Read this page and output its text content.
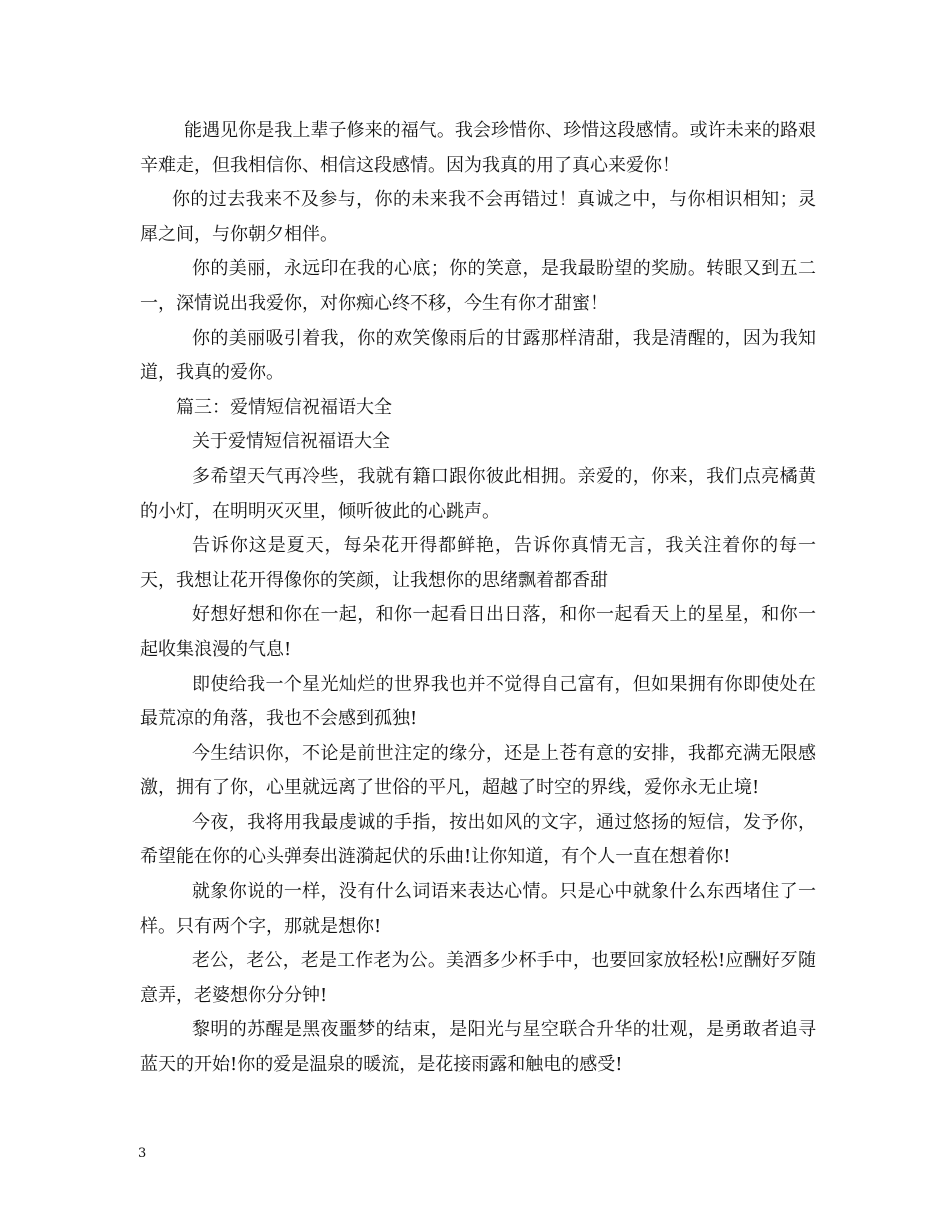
能遇见你是我上辈子修来的福气。我会珍惜你、珍惜这段感情。或许未来的路艰辛难走，但我相信你、相信这段感情。因为我真的用了真心来爱你！

你的过去我来不及参与，你的未来我不会再错过！真诚之中，与你相识相知；灵犀之间，与你朝夕相伴。

你的美丽，永远印在我的心底；你的笑意，是我最盼望的奖励。转眼又到五二一，深情说出我爱你，对你痴心终不移，今生有你才甜蜜！

你的美丽吸引着我，你的欢笑像雨后的甘露那样清甜，我是清醒的，因为我知道，我真的爱你。

篇三：爱情短信祝福语大全

关于爱情短信祝福语大全

多希望天气再冷些，我就有籍口跟你彼此相拥。亲爱的，你来，我们点亮橘黄的小灯，在明明灭灭里，倾听彼此的心跳声。

告诉你这是夏天，每朵花开得都鲜艳，告诉你真情无言，我关注着你的每一天，我想让花开得像你的笑颜，让我想你的思绪飘着都香甜

好想好想和你在一起，和你一起看日出日落，和你一起看天上的星星，和你一起收集浪漫的气息!

即使给我一个星光灿烂的世界我也并不觉得自己富有，但如果拥有你即使处在最荒凉的角落，我也不会感到孤独!

今生结识你，不论是前世注定的缘分，还是上苍有意的安排，我都充满无限感激，拥有了你，心里就远离了世俗的平凡，超越了时空的界线，爱你永无止境!

今夜，我将用我最虔诚的手指，按出如风的文字，通过悠扬的短信，发予你，希望能在你的心头弹奏出涟漪起伏的乐曲!让你知道，有个人一直在想着你!

就象你说的一样，没有什么词语来表达心情。只是心中就象什么东西堵住了一样。只有两个字，那就是想你!

老公，老公，老是工作老为公。美酒多少杯手中，也要回家放轻松!应酬好歹随意弄，老婆想你分分钟!

黎明的苏醒是黑夜噩梦的结束，是阳光与星空联合升华的壮观，是勇敢者追寻蓝天的开始!你的爱是温泉的暖流，是花接雨露和触电的感受!

3
